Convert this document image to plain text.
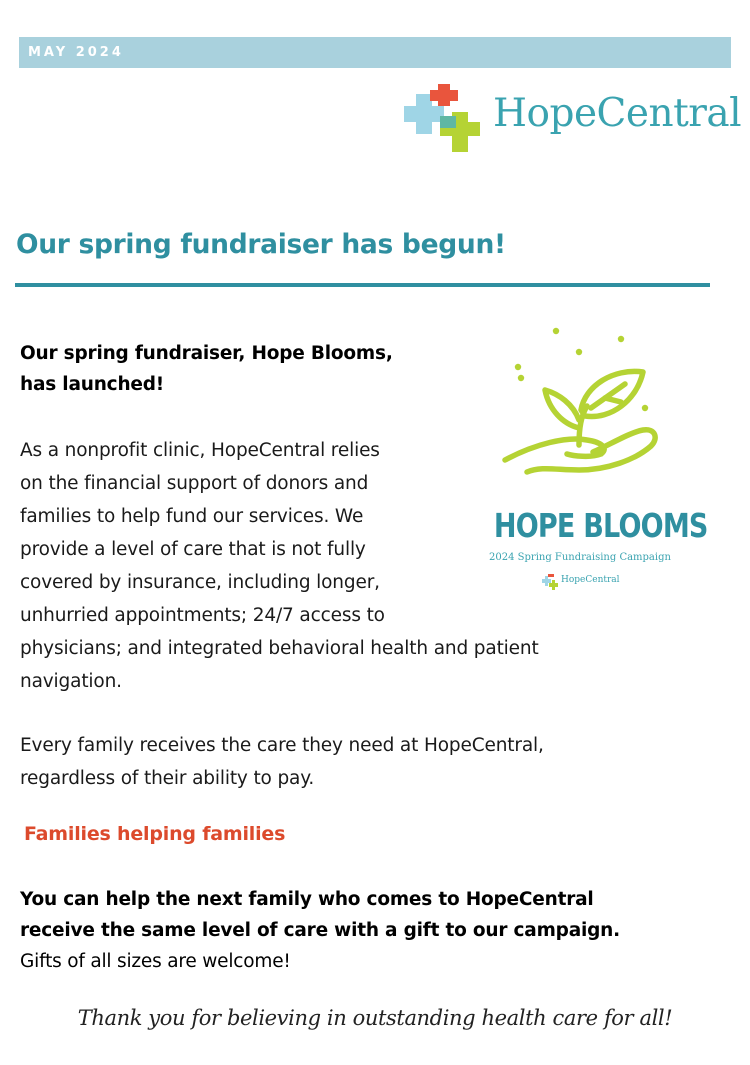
MAY 2024
HopeCentral
Our spring fundraiser has begun!

Our spring fundraiser, Hope Blooms,
has launched!

As a nonprofit clinic, HopeCentral relies
on the financial support of donors and
families to help fund our services. We
provide a level of care that is not fully
covered by insurance, including longer,
unhurried appointments; 24/7 access to
physicians; and integrated behavioral health and patient
navigation.

Every family receives the care they need at HopeCentral,
regardless of their ability to pay.

Families helping families

You can help the next family who comes to HopeCentral
receive the same level of care with a gift to our campaign.
Gifts of all sizes are welcome!

Thank you for believing in outstanding health care for all!

HOPE BLOOMS
2024 Spring Fundraising Campaign
HopeCentral
